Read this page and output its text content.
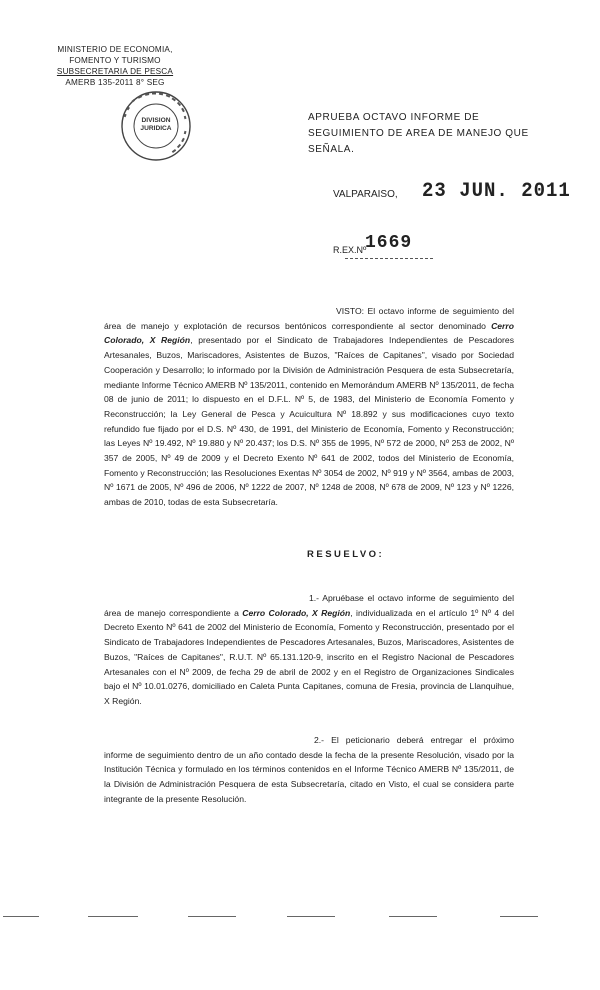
MINISTERIO DE ECONOMIA,
FOMENTO Y TURISMO
SUBSECRETARIA DE PESCA
AMERB 135-2011 8° SEG
DIVISION
JURIDICA
APRUEBA OCTAVO INFORME DE SEGUIMIENTO DE AREA DE MANEJO QUE SEÑALA.
VALPARAISO, 23 JUN. 2011
R.EX.Nº
1669
VISTO: El octavo informe de seguimiento del área de manejo y explotación de recursos bentónicos correspondiente al sector denominado Cerro Colorado, X Región, presentado por el Sindicato de Trabajadores Independientes de Pescadores Artesanales, Buzos, Mariscadores, Asistentes de Buzos, "Raíces de Capitanes", visado por Sociedad Cooperación y Desarrollo; lo informado por la División de Administración Pesquera de esta Subsecretaría, mediante Informe Técnico AMERB Nº 135/2011, contenido en Memorándum AMERB Nº 135/2011, de fecha 08 de junio de 2011; lo dispuesto en el D.F.L. Nº 5, de 1983, del Ministerio de Economía Fomento y Reconstrucción; la Ley General de Pesca y Acuicultura Nº 18.892 y sus modificaciones cuyo texto refundido fue fijado por el D.S. Nº 430, de 1991, del Ministerio de Economía, Fomento y Reconstrucción; las Leyes Nº 19.492, Nº 19.880 y Nº 20.437; los D.S. Nº 355 de 1995, Nº 572 de 2000, Nº 253 de 2002, Nº 357 de 2005, Nº 49 de 2009 y el Decreto Exento Nº 641 de 2002, todos del Ministerio de Economía, Fomento y Reconstrucción; las Resoluciones Exentas Nº 3054 de 2002, Nº 919 y Nº 3564, ambas de 2003, Nº 1671 de 2005, Nº 496 de 2006, Nº 1222 de 2007, Nº 1248 de 2008, Nº 678 de 2009, Nº 123 y Nº 1226, ambas de 2010, todas de esta Subsecretaría.
RESUELVO:
1.- Apruébase el octavo informe de seguimiento del área de manejo correspondiente a Cerro Colorado, X Región, individualizada en el artículo 1º Nº 4 del Decreto Exento Nº 641 de 2002 del Ministerio de Economía, Fomento y Reconstrucción, presentado por el Sindicato de Trabajadores Independientes de Pescadores Artesanales, Buzos, Mariscadores, Asistentes de Buzos, "Raíces de Capitanes", R.U.T. Nº 65.131.120-9, inscrito en el Registro Nacional de Pescadores Artesanales con el Nº 2009, de fecha 29 de abril de 2002 y en el Registro de Organizaciones Sindicales bajo el Nº 10.01.0276, domiciliado en Caleta Punta Capitanes, comuna de Fresia, provincia de Llanquihue, X Región.
2.- El peticionario deberá entregar el próximo informe de seguimiento dentro de un año contado desde la fecha de la presente Resolución, visado por la Institución Técnica y formulado en los términos contenidos en el Informe Técnico AMERB Nº 135/2011, de la División de Administración Pesquera de esta Subsecretaría, citado en Visto, el cual se considera parte integrante de la presente Resolución.
